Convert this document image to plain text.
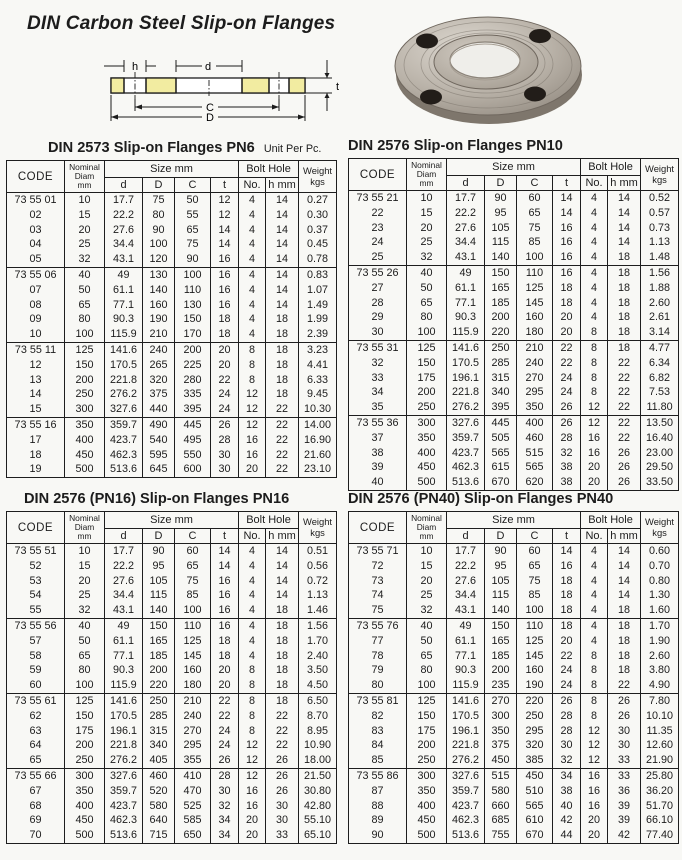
DIN Carbon Steel Slip-on Flanges
h	d
t
C
D
DIN 2573 Slip-on Flanges PN6 Unit Per Pc.
CODE	Nominal
Diam
mm	Size mm				Bolt Hole		Weight
kgs
		d	D	C	t	No.	h mm	
73 55 01	10	17.7	75	50	12	4	14	0.27
02	15	22.2	80	55	12	4	14	0.30
03	20	27.6	90	65	14	4	14	0.37
04	25	34.4	100	75	14	4	14	0.45
05	32	43.1	120	90	16	4	14	0.78
73 55 06	40	49	130	100	16	4	14	0.83
07	50	61.1	140	110	16	4	14	1.07
08	65	77.1	160	130	16	4	14	1.49
09	80	90.3	190	150	18	4	18	1.99
10	100	115.9	210	170	18	4	18	2.39
73 55 11	125	141.6	240	200	20	8	18	3.23
12	150	170.5	265	225	20	8	18	4.41
13	200	221.8	320	280	22	8	18	6.33
14	250	276.2	375	335	24	12	18	9.45
15	300	327.6	440	395	24	12	22	10.30
73 55 16	350	359.7	490	445	26	12	22	14.00
17	400	423.7	540	495	28	16	22	16.90
18	450	462.3	595	550	30	16	22	21.60
19	500	513.6	645	600	30	20	22	23.10
DIN 2576 Slip-on Flanges PN10
CODE	Nominal
Diam
mm	Size mm				Bolt Hole		Weight
kgs
		d	D	C	t	No.	h mm	
73 55 21	10	17.7	90	60	14	4	14	0.52
22	15	22.2	95	65	14	4	14	0.57
23	20	27.6	105	75	16	4	14	0.73
24	25	34.4	115	85	16	4	14	1.13
25	32	43.1	140	100	16	4	18	1.48
73 55 26	40	49	150	110	16	4	18	1.56
27	50	61.1	165	125	18	4	18	1.88
28	65	77.1	185	145	18	4	18	2.60
29	80	90.3	200	160	20	4	18	2.61
30	100	115.9	220	180	20	8	18	3.14
73 55 31	125	141.6	250	210	22	8	18	4.77
32	150	170.5	285	240	22	8	22	6.34
33	175	196.1	315	270	24	8	22	6.82
34	200	221.8	340	295	24	8	22	7.53
35	250	276.2	395	350	26	12	22	11.80
73 55 36	300	327.6	445	400	26	12	22	13.50
37	350	359.7	505	460	28	16	22	16.40
38	400	423.7	565	515	32	16	26	23.00
39	450	462.3	615	565	38	20	26	29.50
40	500	513.6	670	620	38	20	26	33.50
DIN 2576 (PN16) Slip-on Flanges PN16
CODE	Nominal
Diam
mm	Size mm				Bolt Hole		Weight
kgs
		d	D	C	t	No.	h mm	
73 55 51	10	17.7	90	60	14	4	14	0.51
52	15	22.2	95	65	14	4	14	0.56
53	20	27.6	105	75	16	4	14	0.72
54	25	34.4	115	85	16	4	14	1.13
55	32	43.1	140	100	16	4	18	1.46
73 55 56	40	49	150	110	16	4	18	1.56
57	50	61.1	165	125	18	4	18	1.70
58	65	77.1	185	145	18	4	18	2.40
59	80	90.3	200	160	20	8	18	3.50
60	100	115.9	220	180	20	8	18	4.50
73 55 61	125	141.6	250	210	22	8	18	6.50
62	150	170.5	285	240	22	8	22	8.70
63	175	196.1	315	270	24	8	22	8.95
64	200	221.8	340	295	24	12	22	10.90
65	250	276.2	405	355	26	12	26	18.00
73 55 66	300	327.6	460	410	28	12	26	21.50
67	350	359.7	520	470	30	16	26	30.80
68	400	423.7	580	525	32	16	30	42.80
69	450	462.3	640	585	34	20	30	55.10
70	500	513.6	715	650	34	20	33	65.10
DIN 2576 (PN40) Slip-on Flanges PN40
CODE	Nominal
Diam
mm	Size mm				Bolt Hole		Weight
kgs
		d	D	C	t	No.	h mm	
73 55 71	10	17.7	90	60	14	4	14	0.60
72	15	22.2	95	65	16	4	14	0.70
73	20	27.6	105	75	18	4	14	0.80
74	25	34.4	115	85	18	4	14	1.30
75	32	43.1	140	100	18	4	18	1.60
73 55 76	40	49	150	110	18	4	18	1.70
77	50	61.1	165	125	20	4	18	1.90
78	65	77.1	185	145	22	8	18	2.60
79	80	90.3	200	160	24	8	18	3.80
80	100	115.9	235	190	24	8	22	4.90
73 55 81	125	141.6	270	220	26	8	26	7.80
82	150	170.5	300	250	28	8	26	10.10
83	175	196.1	350	295	28	12	30	11.35
84	200	221.8	375	320	30	12	30	12.60
85	250	276.2	450	385	32	12	33	21.90
73 55 86	300	327.6	515	450	34	16	33	25.80
87	350	359.7	580	510	38	16	36	36.20
88	400	423.7	660	565	40	16	39	51.70
89	450	462.3	685	610	42	20	39	66.10
90	500	513.6	755	670	44	20	42	77.40
